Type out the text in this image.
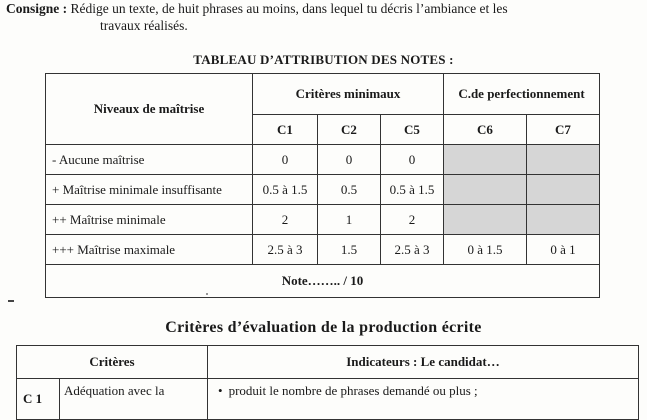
Consigne : Rédige un texte, de huit phrases au moins, dans lequel tu décris l’ambiance et les
travaux réalisés.
TABLEAU D’ATTRIBUTION DES NOTES :
Niveaux de maîtrise	Critères minimaux			C.de perfectionnement	
	C1	C2	C5	C6	C7
- Aucune maîtrise	0	0	0		
+ Maîtrise minimale insuffisante	0.5 à 1.5	0.5	0.5 à 1.5		
++ Maîtrise minimale	2	1	2		
+++ Maîtrise maximale	2.5 à 3	1.5	2.5 à 3	0 à 1.5	0 à 1
Note…….. / 10					
Critères d’évaluation de la production écrite
Critères		Indicateurs : Le candidat…
C 1	Adéquation avec la	• produit le nombre de phrases demandé ou plus ;
